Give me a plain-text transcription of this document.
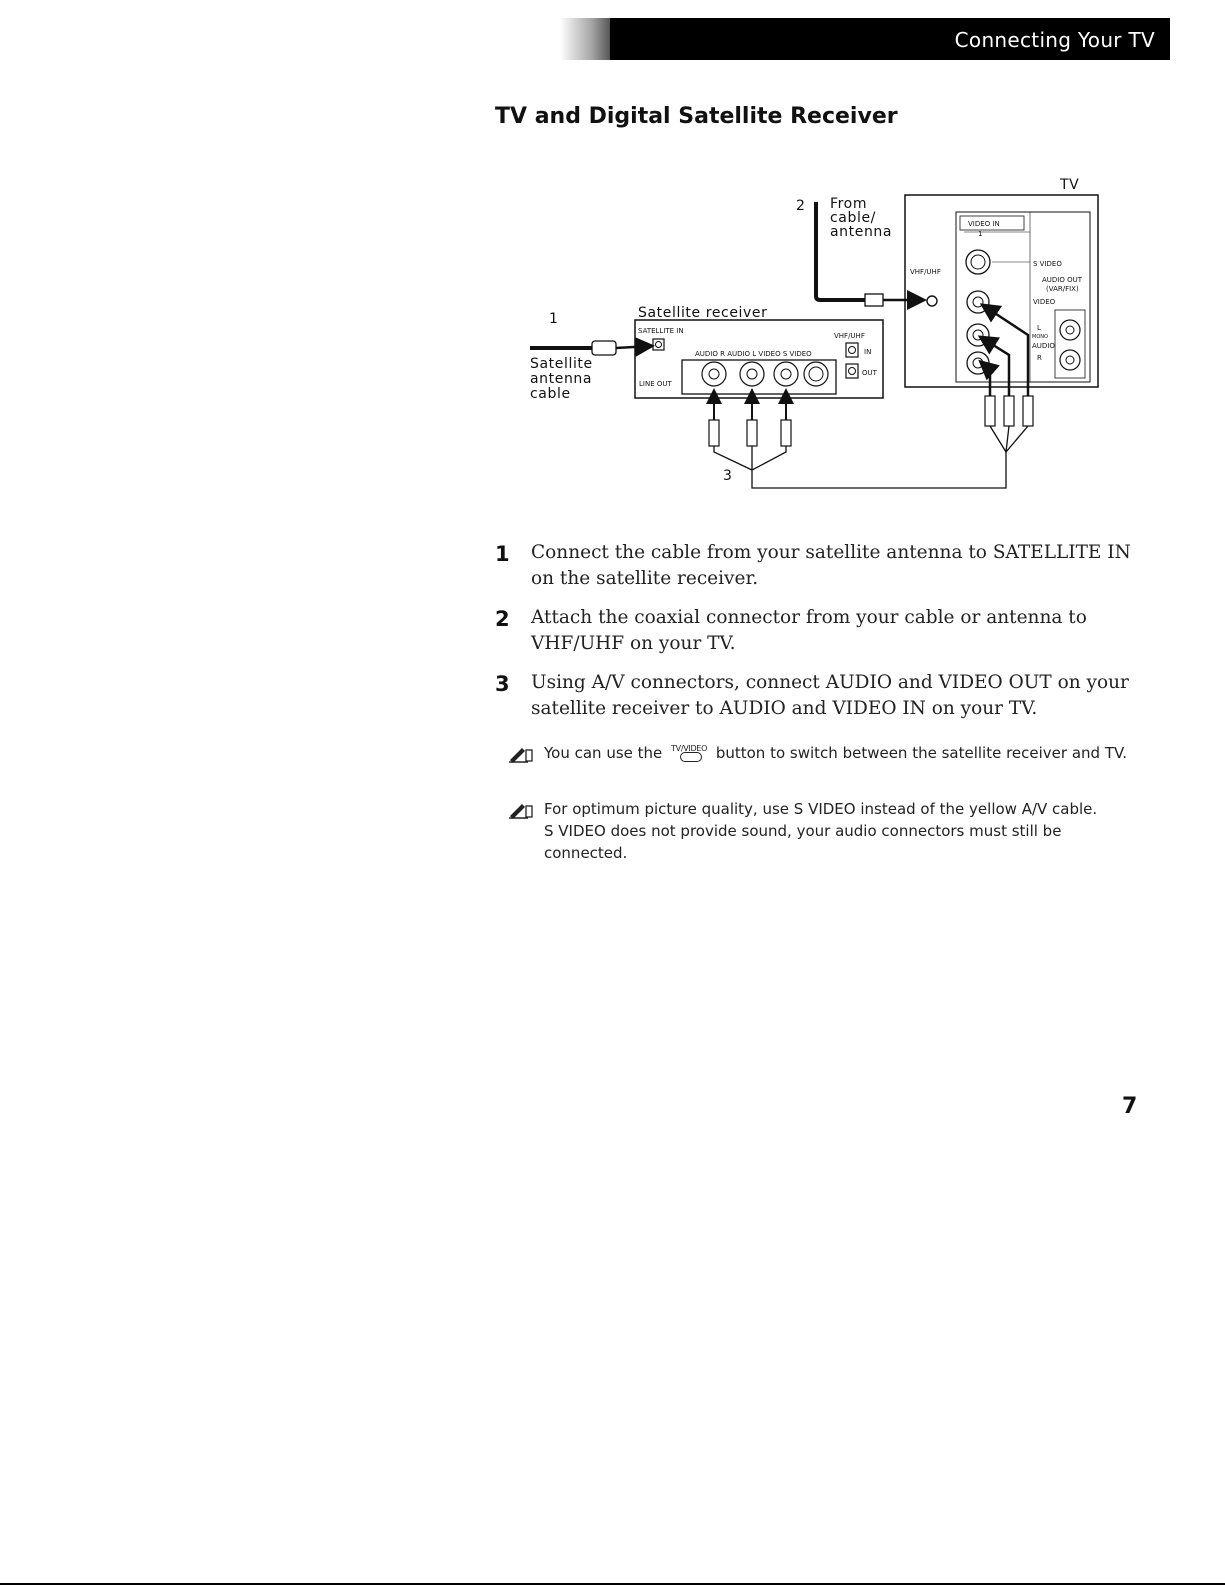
Connecting Your TV
TV and Digital Satellite Receiver
TV
VIDEO IN
1
S VIDEO
VIDEO
AUDIO OUT
(VAR/FIX)
L
MONO
AUDIO
R
VHF/UHF
2 From
cable/
antenna
Satellite receiver
SATELLITE IN
VHF/UHF
AUDIO R AUDIO L VIDEO S VIDEO
LINE OUT
IN
OUT
1
Satellite
antenna
cable
3
1 Connect the cable from your satellite antenna to SATELLITE IN on the satellite receiver.
2 Attach the coaxial connector from your cable or antenna to VHF/UHF on your TV.
3 Using A/V connectors, connect AUDIO and VIDEO OUT on your satellite receiver to AUDIO and VIDEO IN on your TV.
You can use the	TV/VIDEO button to switch between the satellite receiver and TV.
For optimum picture quality, use S VIDEO instead of the yellow A/V cable. S VIDEO does not provide sound, your audio connectors must still be connected.
7
